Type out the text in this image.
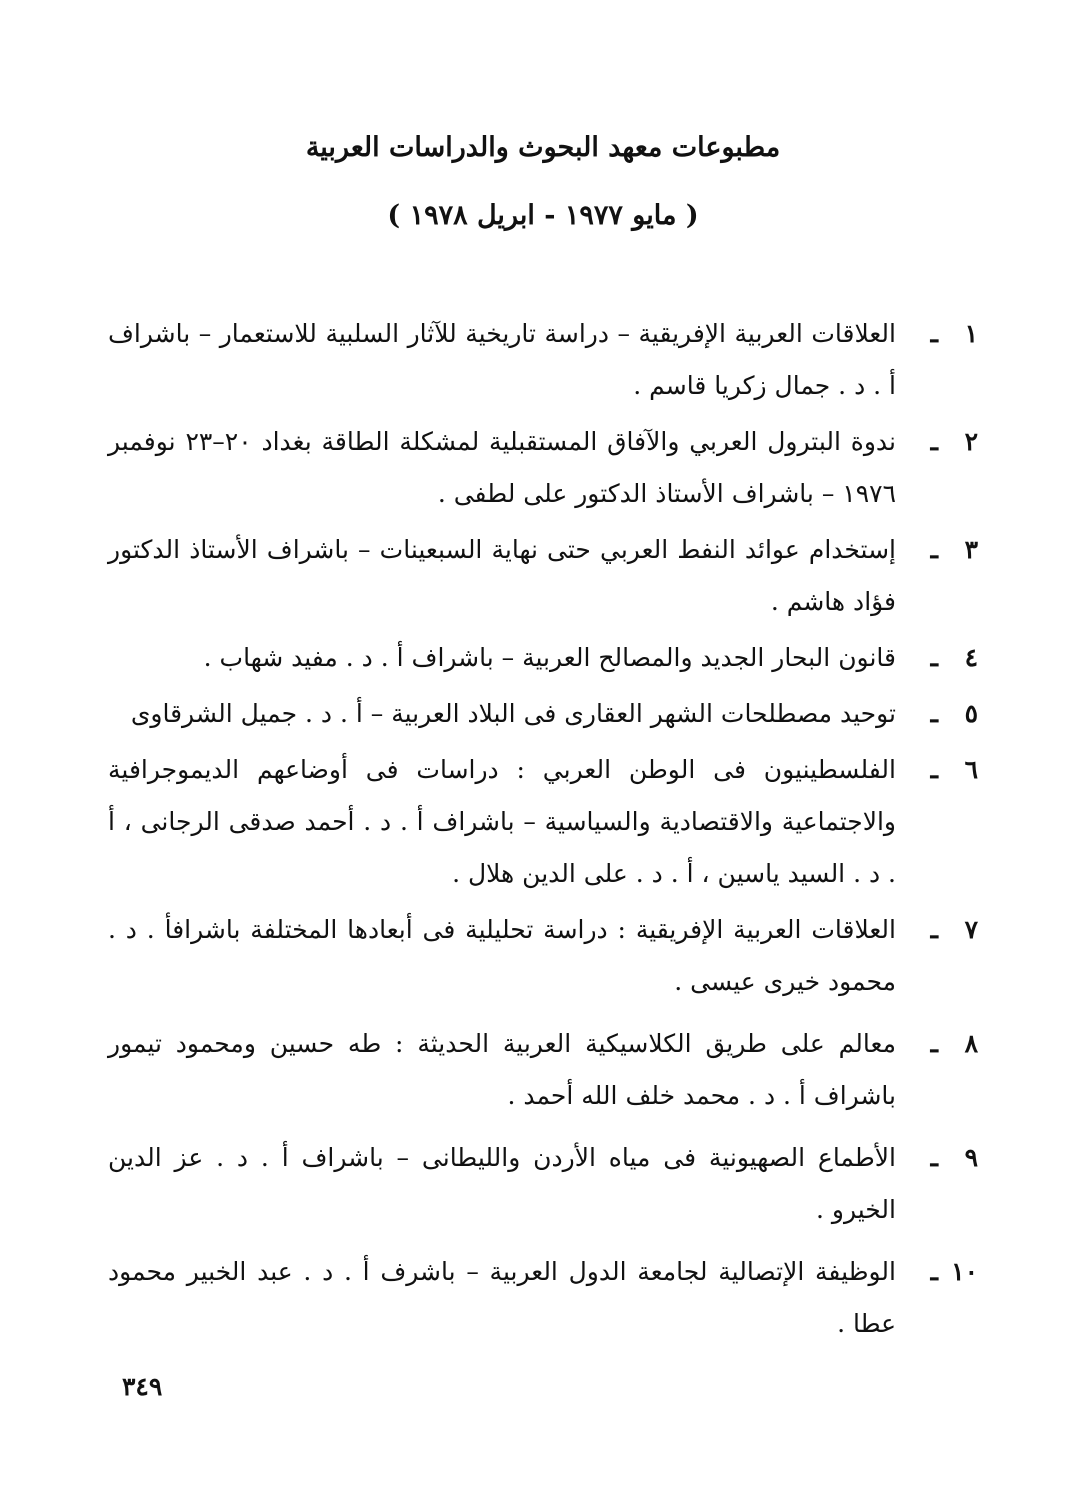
مطبوعات معهد البحوث والدراسات العربية
( مايو ١٩٧٧ - ابريل ١٩٧٨ )
١
ـ
العلاقات العربية الإفريقية – دراسة تاريخية للآثار السلبية للاستعمار – باشراف أ . د . جمال زكريا قاسم .
٢
ـ
ندوة البترول العربي والآفاق المستقبلية لمشكلة الطاقة بغداد ٢٠–٢٣ نوفمبر ١٩٧٦ – باشراف الأستاذ الدكتور على لطفى .
٣
ـ
إستخدام عوائد النفط العربي حتى نهاية السبعينات – باشراف الأستاذ الدكتور فؤاد هاشم .
٤
ـ
قانون البحار الجديد والمصالح العربية – باشراف أ . د . مفيد شهاب .
٥
ـ
توحيد مصطلحات الشهر العقارى فى البلاد العربية – أ . د . جميل الشرقاوى
٦
ـ
الفلسطينيون فى الوطن العربي : دراسات فى أوضاعهم الديموجرافية والاجتماعية والاقتصادية والسياسية – باشراف أ . د . أحمد صدقى الرجانى ، أ . د . السيد ياسين ، أ . د . على الدين هلال .
٧
ـ
العلاقات العربية الإفريقية : دراسة تحليلية فى أبعادها المختلفة باشرافأ . د . محمود خيرى عيسى .
٨
ـ
معالم على طريق الكلاسيكية العربية الحديثة : طه حسين ومحمود تيمور باشراف أ . د . محمد خلف الله أحمد .
٩
ـ
الأطماع الصهيونية فى مياه الأردن والليطانى – باشراف أ . د . عز الدين الخيرو .
١٠
ـ
الوظيفة الإتصالية لجامعة الدول العربية – باشرف أ . د . عبد الخبير محمود عطا .
٣٤٩
